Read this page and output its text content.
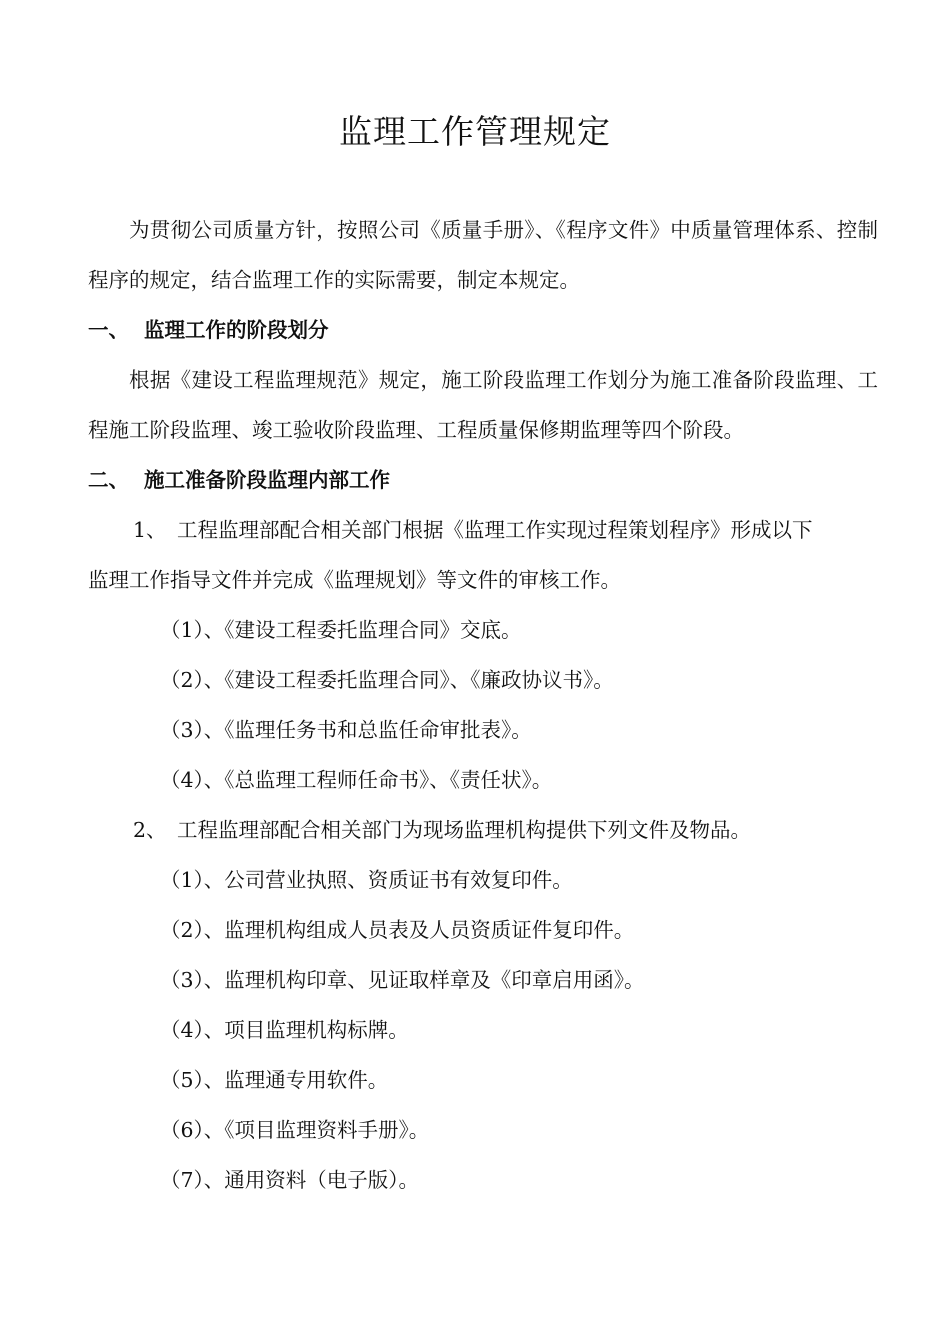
监理工作管理规定

为贯彻公司质量方针，按照公司《质量手册》、《程序文件》中质量管理体系、控制程序的规定，结合监理工作的实际需要，制定本规定。

一、 监理工作的阶段划分

根据《建设工程监理规范》规定，施工阶段监理工作划分为施工准备阶段监理、工程施工阶段监理、竣工验收阶段监理、工程质量保修期监理等四个阶段。

二、 施工准备阶段监理内部工作
1、 工程监理部配合相关部门根据《监理工作实现过程策划程序》形成以下
监理工作指导文件并完成《监理规划》等文件的审核工作。
（1）、《建设工程委托监理合同》交底。
（2）、《建设工程委托监理合同》、《廉政协议书》。
（3）、《监理任务书和总监任命审批表》。
（4）、《总监理工程师任命书》、《责任状》。
2、 工程监理部配合相关部门为现场监理机构提供下列文件及物品。
（1）、公司营业执照、资质证书有效复印件。
（2）、监理机构组成人员表及人员资质证件复印件。
（3）、监理机构印章、见证取样章及《印章启用函》。
（4）、项目监理机构标牌。
（5）、监理通专用软件。
（6）、《项目监理资料手册》。
（7）、通用资料（电子版）。
